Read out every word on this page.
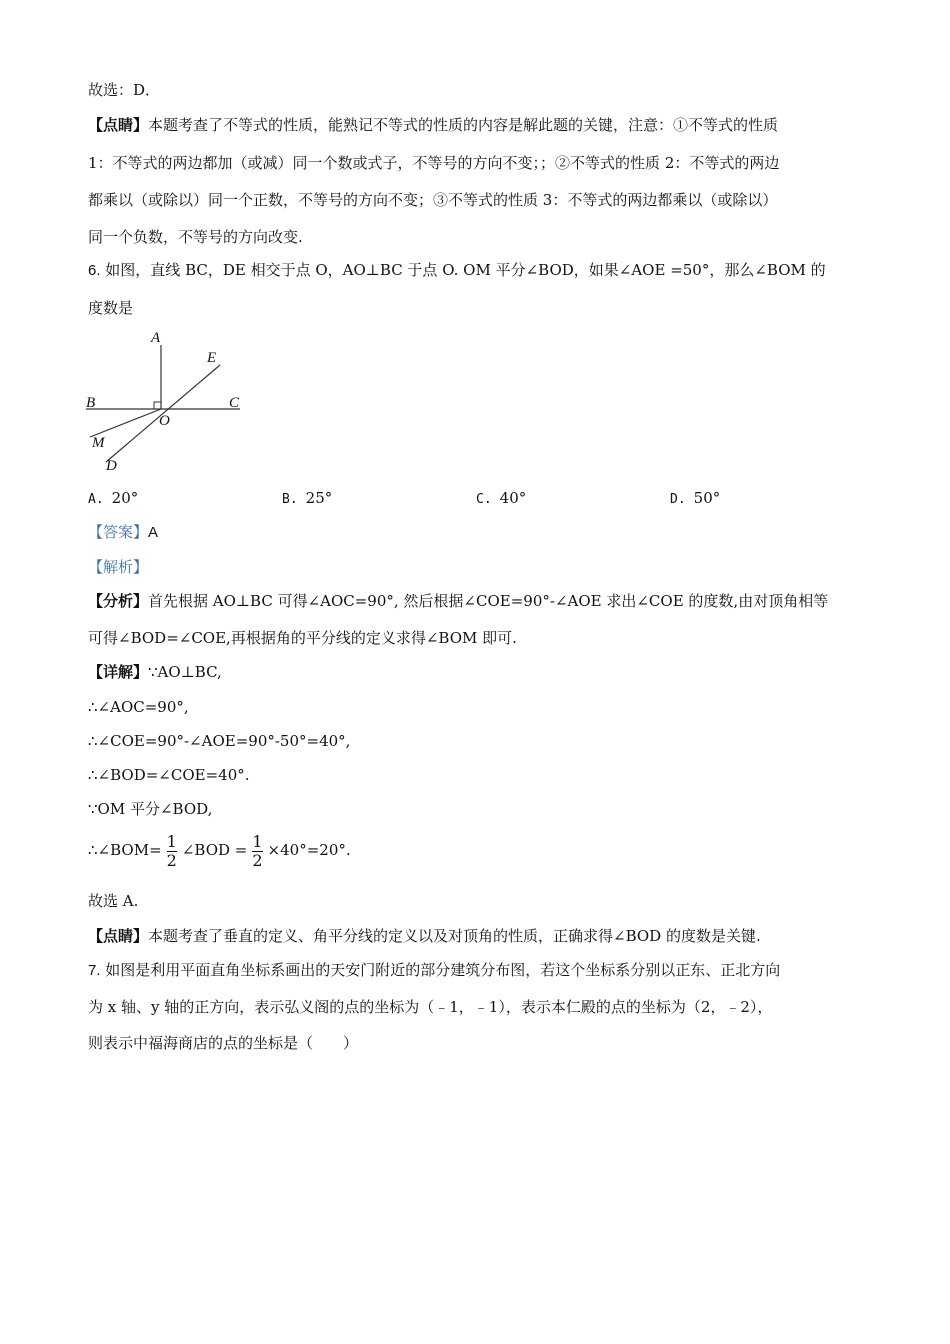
故选：D．
【点睛】本题考查了不等式的性质，能熟记不等式的性质的内容是解此题的关键，注意：①不等式的性质
1：不等式的两边都加（或减）同一个数或式子，不等号的方向不变；；②不等式的性质 2：不等式的两边
都乘以（或除以）同一个正数，不等号的方向不变；③不等式的性质 3：不等式的两边都乘以（或除以）
同一个负数，不等号的方向改变.
6. 如图，直线 BC，DE 相交于点 O，AO⊥BC 于点 O. OM 平分∠BOD，如果∠AOE =50°，那么∠BOM 的
度数是
A
E
B	C
O
M
D
A. 20°	B. 25°	C. 40°	D. 50°
【答案】A
【解析】
【分析】首先根据 AO⊥BC 可得∠AOC=90°, 然后根据∠COE=90°-∠AOE 求出∠COE 的度数,由对顶角相等
可得∠BOD=∠COE,再根据角的平分线的定义求得∠BOM 即可.
【详解】∵AO⊥BC,
∴∠AOC=90°,
∴∠COE=90°-∠AOE=90°-50°=40°,
∴∠BOD=∠COE=40°.
∵OM 平分∠BOD,
∴∠BOM= $\frac{1}{2}$ ∠BOD = $\frac{1}{2} \times 40^\circ=20^\circ$.
故选 A.
【点睛】本题考查了垂直的定义、角平分线的定义以及对顶角的性质，正确求得∠BOD 的度数是关键.
7. 如图是利用平面直角坐标系画出的天安门附近的部分建筑分布图，若这个坐标系分别以正东、正北方向
为 x 轴、y 轴的正方向，表示弘义阁的点的坐标为（﹣1，﹣1），表示本仁殿的点的坐标为（2，﹣2），
则表示中福海商店的点的坐标是（　　）
